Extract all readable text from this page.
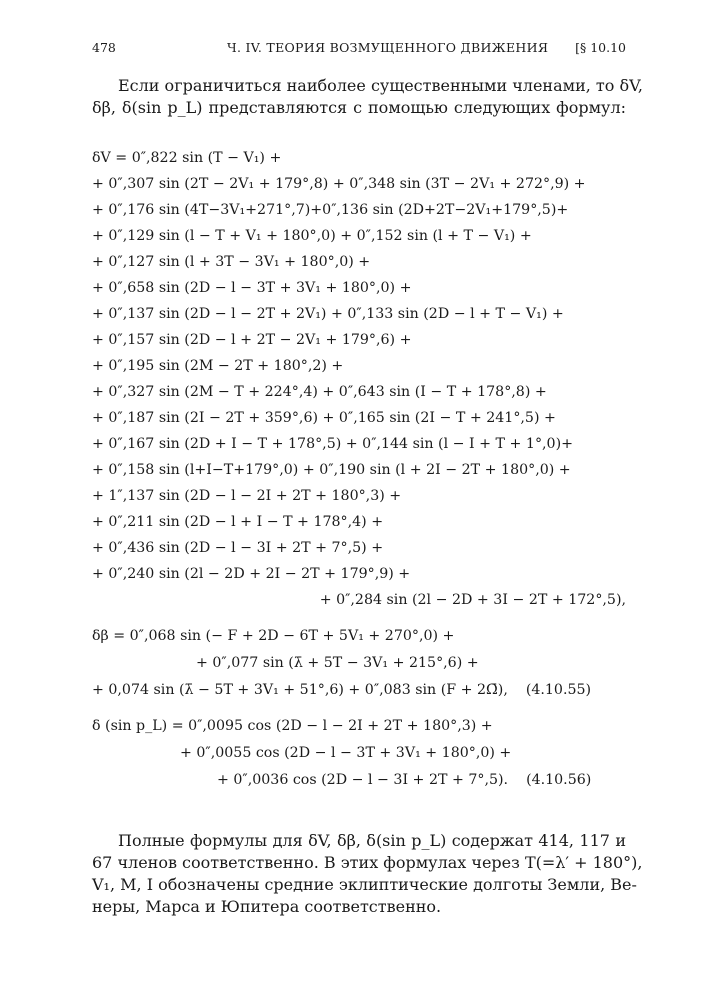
478	Ч. IV. ТЕОРИЯ ВОЗМУЩЕННОГО ДВИЖЕНИЯ [§ 10.10
Если ограничиться наиболее существенными членами, то δV,
δβ, δ(sin p_L) представляются с помощью следующих формул:
δV = 0″,822 sin (T − V₁) +
+ 0″,307 sin (2T − 2V₁ + 179°,8) + 0″,348 sin (3T − 2V₁ + 272°,9) +
+ 0″,176 sin (4T−3V₁+271°,7)+0″,136 sin (2D+2T−2V₁+179°,5)+
+ 0″,129 sin (l − T + V₁ + 180°,0) + 0″,152 sin (l + T − V₁) +
+ 0″,127 sin (l + 3T − 3V₁ + 180°,0) +
+ 0″,658 sin (2D − l − 3T + 3V₁ + 180°,0) +
+ 0″,137 sin (2D − l − 2T + 2V₁) + 0″,133 sin (2D − l + T − V₁) +
+ 0″,157 sin (2D − l + 2T − 2V₁ + 179°,6) +
+ 0″,195 sin (2M − 2T + 180°,2) +
+ 0″,327 sin (2M − T + 224°,4) + 0″,643 sin (I − T + 178°,8) +
+ 0″,187 sin (2I − 2T + 359°,6) + 0″,165 sin (2I − T + 241°,5) +
+ 0″,167 sin (2D + I − T + 178°,5) + 0″,144 sin (l − I + T + 1°,0)+
+ 0″,158 sin (l+I−T+179°,0) + 0″,190 sin (l + 2I − 2T + 180°,0) +
+ 1″,137 sin (2D − l − 2I + 2T + 180°,3) +
+ 0″,211 sin (2D − l + I − T + 178°,4) +
+ 0″,436 sin (2D − l − 3I + 2T + 7°,5) +
+ 0″,240 sin (2l − 2D + 2I − 2T + 179°,9) +
+ 0″,284 sin (2l − 2D + 3I − 2T + 172°,5),
δβ = 0″,068 sin (− F + 2D − 6T + 5V₁ + 270°,0) +
+ 0″,077 sin (λ̄ + 5T − 3V₁ + 215°,6) +
+ 0,074 sin (λ̄ − 5T + 3V₁ + 51°,6) + 0″,083 sin (F + 2Ω̄), (4.10.55)
δ (sin p_L) = 0″,0095 cos (2D − l − 2I + 2T + 180°,3) +
+ 0″,0055 cos (2D − l − 3T + 3V₁ + 180°,0) +
+ 0″,0036 cos (2D − l − 3I + 2T + 7°,5). (4.10.56)
Полные формулы для δV, δβ, δ(sin p_L) содержат 414, 117 и
67 членов соответственно. В этих формулах через T(=λ′ + 180°),
V₁, M, I обозначены средние эклиптические долготы Земли, Ве-
неры, Марса и Юпитера соответственно.
